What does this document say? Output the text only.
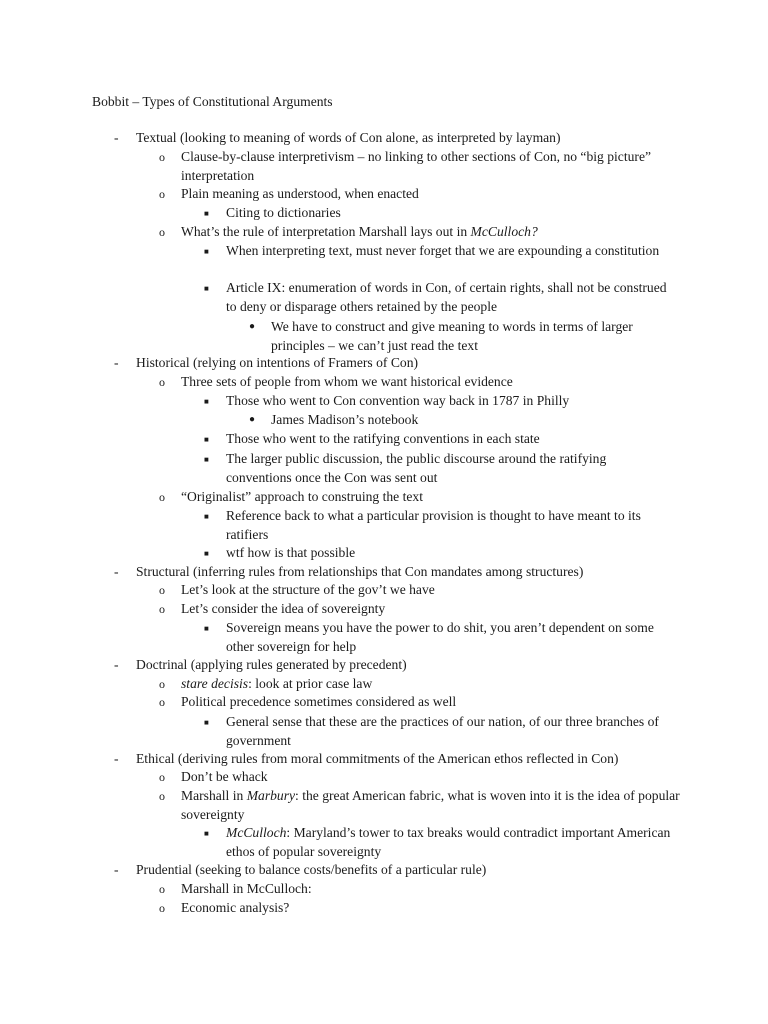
Bobbit – Types of Constitutional Arguments
- Textual (looking to meaning of words of Con alone, as interpreted by layman)
o Clause-by-clause interpretivism – no linking to other sections of Con, no “big picture” interpretation
o Plain meaning as understood, when enacted
■ Citing to dictionaries
o What’s the rule of interpretation Marshall lays out in McCulloch?
■ When interpreting text, must never forget that we are expounding a constitution
■ Article IX: enumeration of words in Con, of certain rights, shall not be construed to deny or disparage others retained by the people
● We have to construct and give meaning to words in terms of larger principles – we can’t just read the text
- Historical (relying on intentions of Framers of Con)
o Three sets of people from whom we want historical evidence
■ Those who went to Con convention way back in 1787 in Philly
● James Madison’s notebook
■ Those who went to the ratifying conventions in each state
■ The larger public discussion, the public discourse around the ratifying conventions once the Con was sent out
o “Originalist” approach to construing the text
■ Reference back to what a particular provision is thought to have meant to its ratifiers
■ wtf how is that possible
- Structural (inferring rules from relationships that Con mandates among structures)
o Let’s look at the structure of the gov’t we have
o Let’s consider the idea of sovereignty
■ Sovereign means you have the power to do shit, you aren’t dependent on some other sovereign for help
- Doctrinal (applying rules generated by precedent)
o stare decisis: look at prior case law
o Political precedence sometimes considered as well
■ General sense that these are the practices of our nation, of our three branches of government
- Ethical (deriving rules from moral commitments of the American ethos reflected in Con)
o Don’t be whack
o Marshall in Marbury: the great American fabric, what is woven into it is the idea of popular sovereignty
■ McCulloch: Maryland’s tower to tax breaks would contradict important American ethos of popular sovereignty
- Prudential (seeking to balance costs/benefits of a particular rule)
o Marshall in McCulloch:
o Economic analysis?
